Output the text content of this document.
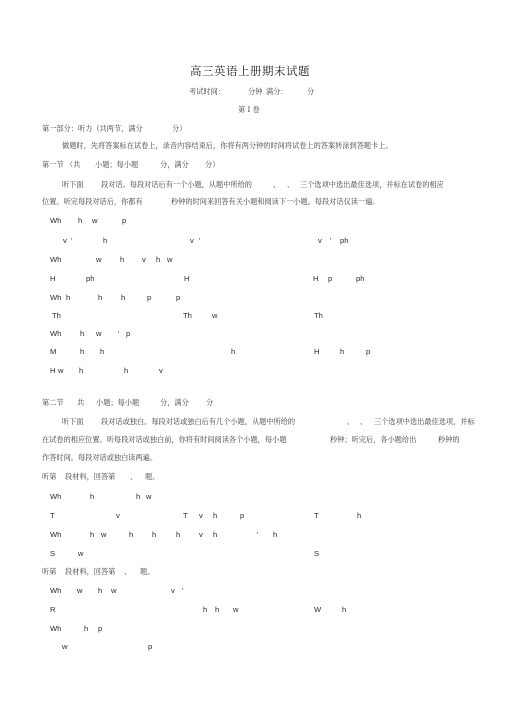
高三英语上册期末试题
考试时间：	分钟 满分：	分
第 I 卷
第一部分：听力（共两节，满分	分）
做题时，先将答案标在试卷上，录音内容结束后，你将有两分钟的时间将试卷上的答案转涂到答题卡上。
第一节 （共 小题；每小题	分，满分 分）
听下面 段对话。每段对话后有一个小题，从题中所给的	、 、 三个选项中选出最佳选项，并标在试卷的相应
位置。听完每段对话后，你都有	秒钟的时间来回答有关小题和阅读下一小题。每段对话仅读一遍。
Wh h w	p
v '	h	v '	v ' ph
Wh	w h v h w
H	ph	H	H p	ph
Wh h	h h	p	p
Th	Th	w	Th
Wh h w ' p
M	h h	h	H	h	p
H w h	h	v
第二节 共 小题；每小题	分，满分 分
听下面 段对话或独白。每段对话或独白后有几个小题，从题中所给的	、 、 三个选项中选出最佳选项，并标
在试卷的相应位置。听每段对话或独白前，你将有时间阅读各个小题，每小题	秒钟；听完后，各小题给出	秒钟的
作答时间。每段对话或独白读两遍。
听第 段材料，回答第 、 题。
Wh	h	h w
T	v	T v h	p	T	h
Wh	h w	h h	h v h	' h
S	w	S
听第 段材料，回答第 、 题。
Wh w h w	v '
R	h h w	W	h
Wh	h p
w	p
